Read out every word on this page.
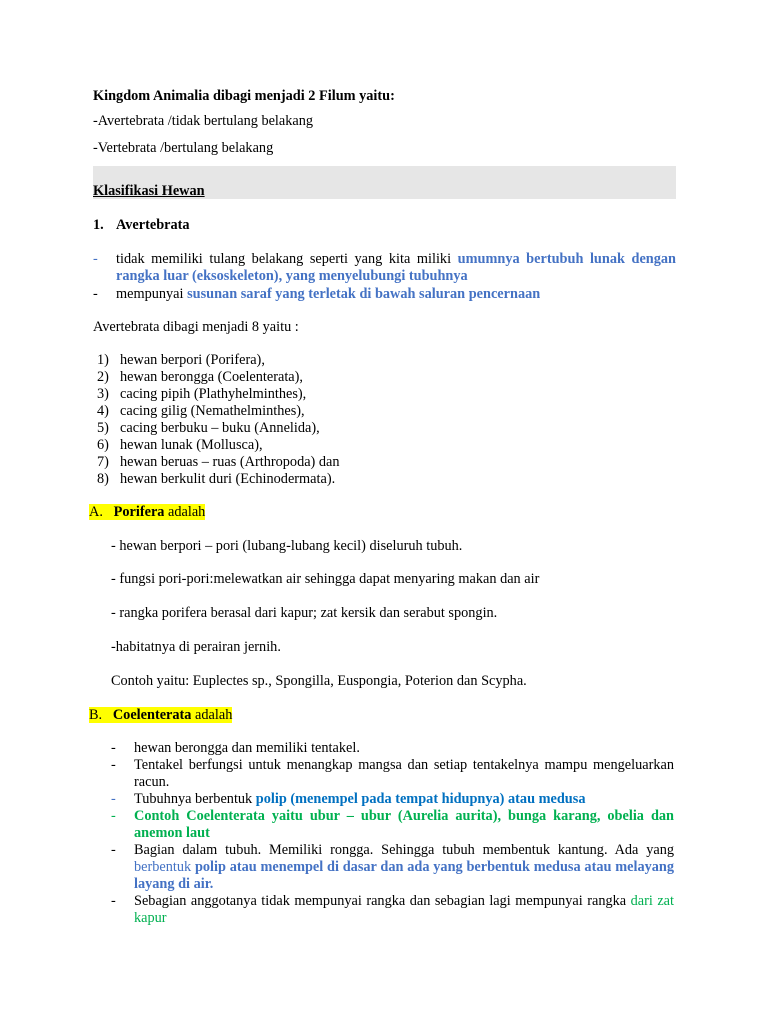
Kingdom Animalia dibagi menjadi 2 Filum yaitu:
-Avertebrata /tidak bertulang belakang
-Vertebrata /bertulang belakang
Klasifikasi Hewan
1. Avertebrata
- tidak memiliki tulang belakang seperti yang kita miliki umumnya bertubuh lunak dengan rangka luar (eksoskeleton), yang menyelubungi tubuhnya
- mempunyai susunan saraf yang terletak di bawah saluran pencernaan
Avertebrata dibagi menjadi 8 yaitu :
1) hewan berpori (Porifera),
2) hewan berongga (Coelenterata),
3) cacing pipih (Plathyhelminthes),
4) cacing gilig (Nemathelminthes),
5) cacing berbuku – buku (Annelida),
6) hewan lunak (Mollusca),
7) hewan beruas – ruas (Arthropoda) dan
8) hewan berkulit duri (Echinodermata).
A. Porifera adalah
- hewan berpori – pori (lubang-lubang kecil) diseluruh tubuh.
- fungsi pori-pori:melewatkan air sehingga dapat menyaring makan dan air
- rangka porifera berasal dari kapur; zat kersik dan serabut spongin.
-habitatnya di perairan jernih.
Contoh yaitu: Euplectes sp., Spongilla, Euspongia, Poterion dan Scypha.
B. Coelenterata adalah
- hewan berongga dan memiliki tentakel.
- Tentakel berfungsi untuk menangkap mangsa dan setiap tentakelnya mampu mengeluarkan racun.
- Tubuhnya berbentuk polip (menempel pada tempat hidupnya) atau medusa
- Contoh Coelenterata yaitu ubur – ubur (Aurelia aurita), bunga karang, obelia dan anemon laut
- Bagian dalam tubuh. Memiliki rongga. Sehingga tubuh membentuk kantung. Ada yang berbentuk polip atau menempel di dasar dan ada yang berbentuk medusa atau melayang layang di air.
- Sebagian anggotanya tidak mempunyai rangka dan sebagian lagi mempunyai rangka dari zat kapur
